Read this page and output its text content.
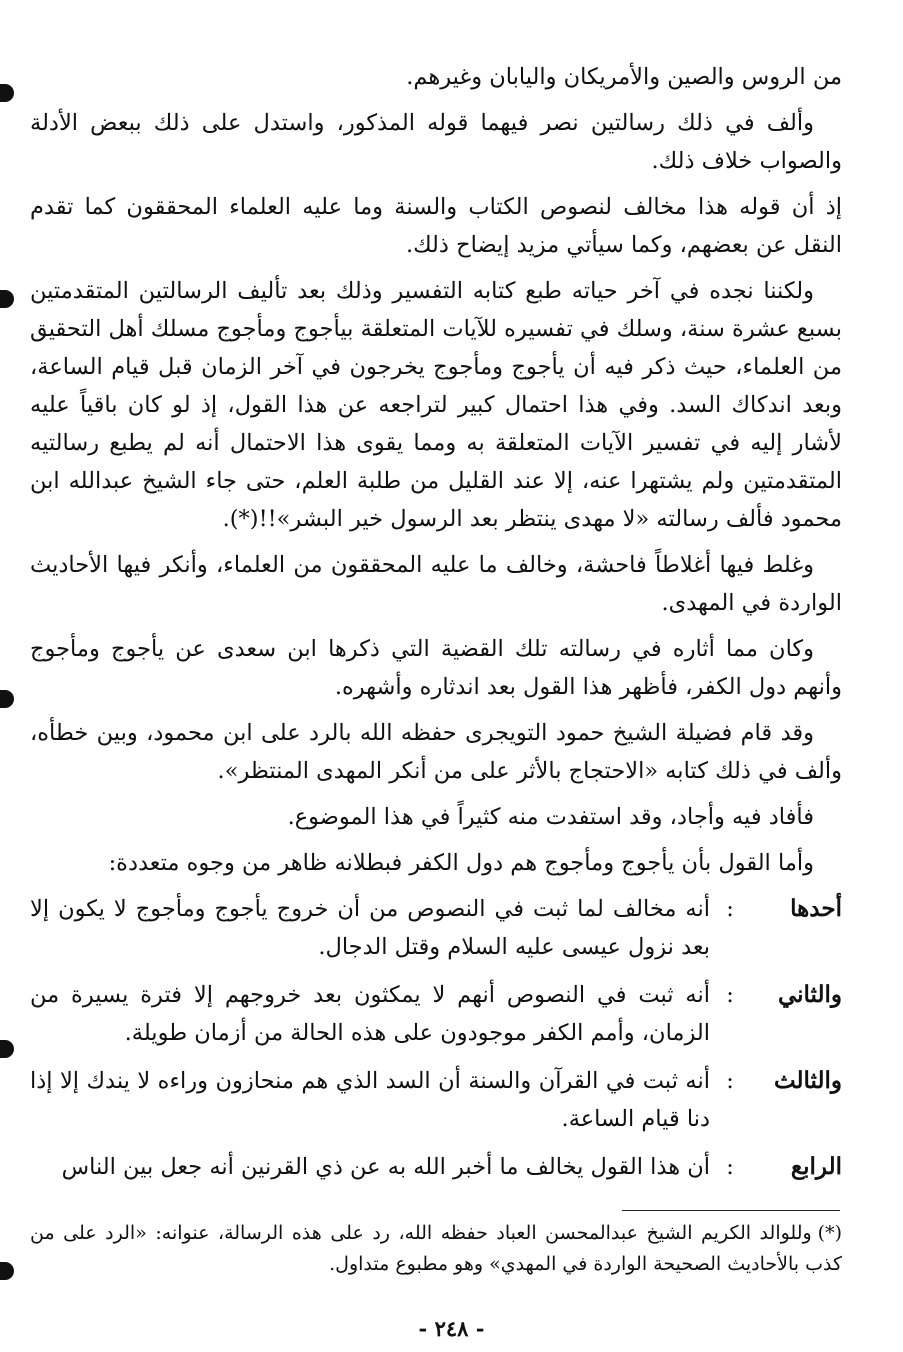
من الروس والصين والأمريكان واليابان وغيرهم.

وألف في ذلك رسالتين نصر فيهما قوله المذكور، واستدل على ذلك ببعض الأدلة والصواب خلاف ذلك.

إذ أن قوله هذا مخالف لنصوص الكتاب والسنة وما عليه العلماء المحققون كما تقدم النقل عن بعضهم، وكما سيأتي مزيد إيضاح ذلك.

ولكننا نجده في آخر حياته طبع كتابه التفسير وذلك بعد تأليف الرسالتين المتقدمتين بسبع عشرة سنة، وسلك في تفسيره للآيات المتعلقة بيأجوج ومأجوج مسلك أهل التحقيق من العلماء، حيث ذكر فيه أن يأجوج ومأجوج يخرجون في آخر الزمان قبل قيام الساعة، وبعد اندكاك السد. وفي هذا احتمال كبير لتراجعه عن هذا القول، إذ لو كان باقياً عليه لأشار إليه في تفسير الآيات المتعلقة به ومما يقوى هذا الاحتمال أنه لم يطبع رسالتيه المتقدمتين ولم يشتهرا عنه، إلا عند القليل من طلبة العلم، حتى جاء الشيخ عبدالله ابن محمود فألف رسالته «لا مهدى ينتظر بعد الرسول خير البشر»!!(*).

وغلط فيها أغلاطاً فاحشة، وخالف ما عليه المحققون من العلماء، وأنكر فيها الأحاديث الواردة في المهدى.

وكان مما أثاره في رسالته تلك القضية التي ذكرها ابن سعدى عن يأجوج ومأجوج وأنهم دول الكفر، فأظهر هذا القول بعد اندثاره وأشهره.

وقد قام فضيلة الشيخ حمود التويجرى حفظه الله بالرد على ابن محمود، وبين خطأه، وألف في ذلك كتابه «الاحتجاج بالأثر على من أنكر المهدى المنتظر».

فأفاد فيه وأجاد، وقد استفدت منه كثيراً في هذا الموضوع.

وأما القول بأن يأجوج ومأجوج هم دول الكفر فبطلانه ظاهر من وجوه متعددة:

أحدها
:
أنه مخالف لما ثبت في النصوص من أن خروج يأجوج ومأجوج لا يكون إلا بعد نزول عيسى عليه السلام وقتل الدجال.
والثاني
:
أنه ثبت في النصوص أنهم لا يمكثون بعد خروجهم إلا فترة يسيرة من الزمان، وأمم الكفر موجودون على هذه الحالة من أزمان طويلة.
والثالث
:
أنه ثبت في القرآن والسنة أن السد الذي هم منحازون وراءه لا يندك إلا إذا دنا قيام الساعة.
الرابع
:
أن هذا القول يخالف ما أخبر الله به عن ذي القرنين أنه جعل بين الناس
(*)وللوالد الكريم الشيخ عبدالمحسن العباد حفظه الله، رد على هذه الرسالة، عنوانه: «الرد على من كذب بالأحاديث الصحيحة الواردة في المهدي» وهو مطبوع متداول.
- ٢٤٨ -
